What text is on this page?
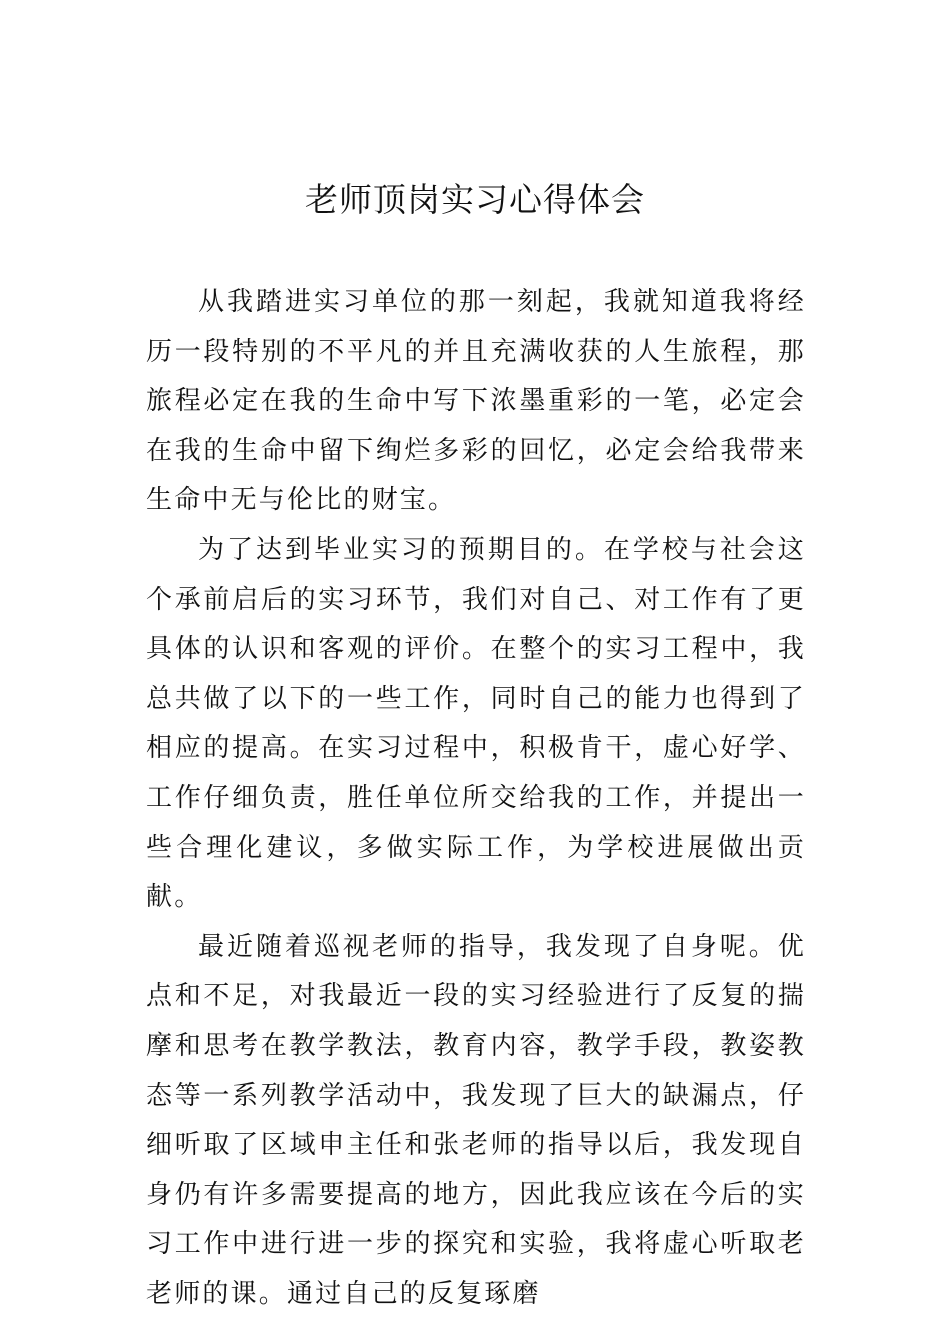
老师顶岗实习心得体会

从我踏进实习单位的那一刻起，我就知道我将经历一段特别的不平凡的并且充满收获的人生旅程，那旅程必定在我的生命中写下浓墨重彩的一笔，必定会在我的生命中留下绚烂多彩的回忆，必定会给我带来生命中无与伦比的财宝。

为了达到毕业实习的预期目的。在学校与社会这个承前启后的实习环节，我们对自己、对工作有了更具体的认识和客观的评价。在整个的实习工程中，我总共做了以下的一些工作，同时自己的能力也得到了相应的提高。在实习过程中，积极肯干，虚心好学、工作仔细负责，胜任单位所交给我的工作，并提出一些合理化建议，多做实际工作，为学校进展做出贡献。

最近随着巡视老师的指导，我发现了自身呢。优点和不足，对我最近一段的实习经验进行了反复的揣摩和思考在教学教法，教育内容，教学手段，教姿教态等一系列教学活动中，我发现了巨大的缺漏点，仔细听取了区域申主任和张老师的指导以后，我发现自身仍有许多需要提高的地方，因此我应该在今后的实习工作中进行进一步的探究和实验，我将虚心听取老老师的课。通过自己的反复琢磨
